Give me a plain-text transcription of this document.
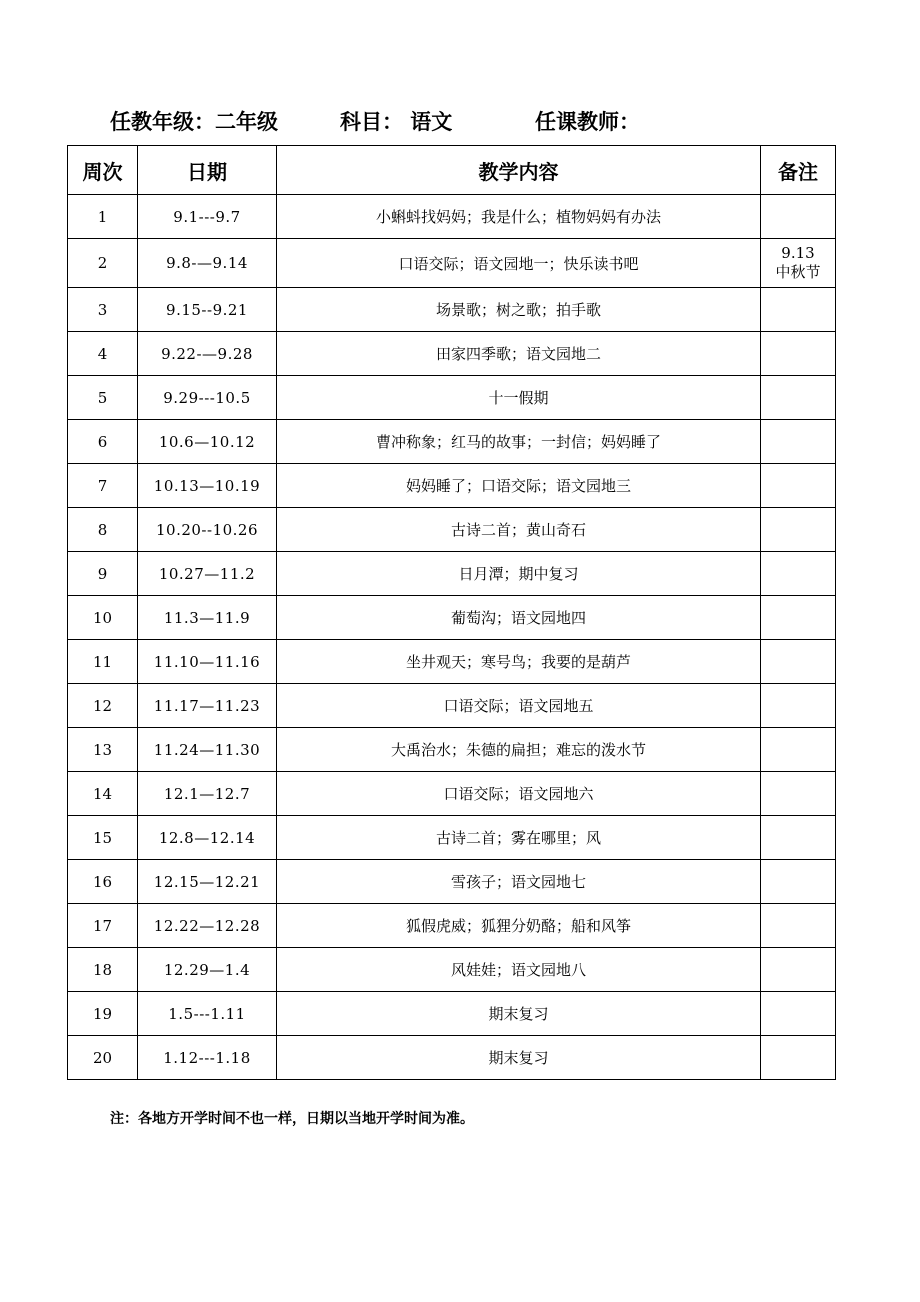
任教年级：二年级	科目： 语文	任课教师：
周次	日期	教学内容	备注
1	9.1---9.7	小蝌蚪找妈妈；我是什么；植物妈妈有办法	
2	9.8-—9.14	口语交际；语文园地一；快乐读书吧	9.13
中秋节
3	9.15--9.21	场景歌；树之歌；拍手歌	
4	9.22-—9.28	田家四季歌；语文园地二	
5	9.29---10.5	十一假期	
6	10.6—10.12	曹冲称象；红马的故事；一封信；妈妈睡了	
7	10.13—10.19	妈妈睡了；口语交际；语文园地三	
8	10.20--10.26	古诗二首；黄山奇石	
9	10.27—11.2	日月潭；期中复习	
10	11.3—11.9	葡萄沟；语文园地四	
11	11.10—11.16	坐井观天；寒号鸟；我要的是葫芦	
12	11.17—11.23	口语交际；语文园地五	
13	11.24—11.30	大禹治水；朱德的扁担；难忘的泼水节	
14	12.1—12.7	口语交际；语文园地六	
15	12.8—12.14	古诗二首；雾在哪里；风	
16	12.15—12.21	雪孩子；语文园地七	
17	12.22—12.28	狐假虎威；狐狸分奶酪；船和风筝	
18	12.29—1.4	风娃娃；语文园地八	
19	1.5---1.11	期末复习	
20	1.12---1.18	期末复习	
注：各地方开学时间不也一样，日期以当地开学时间为准。
